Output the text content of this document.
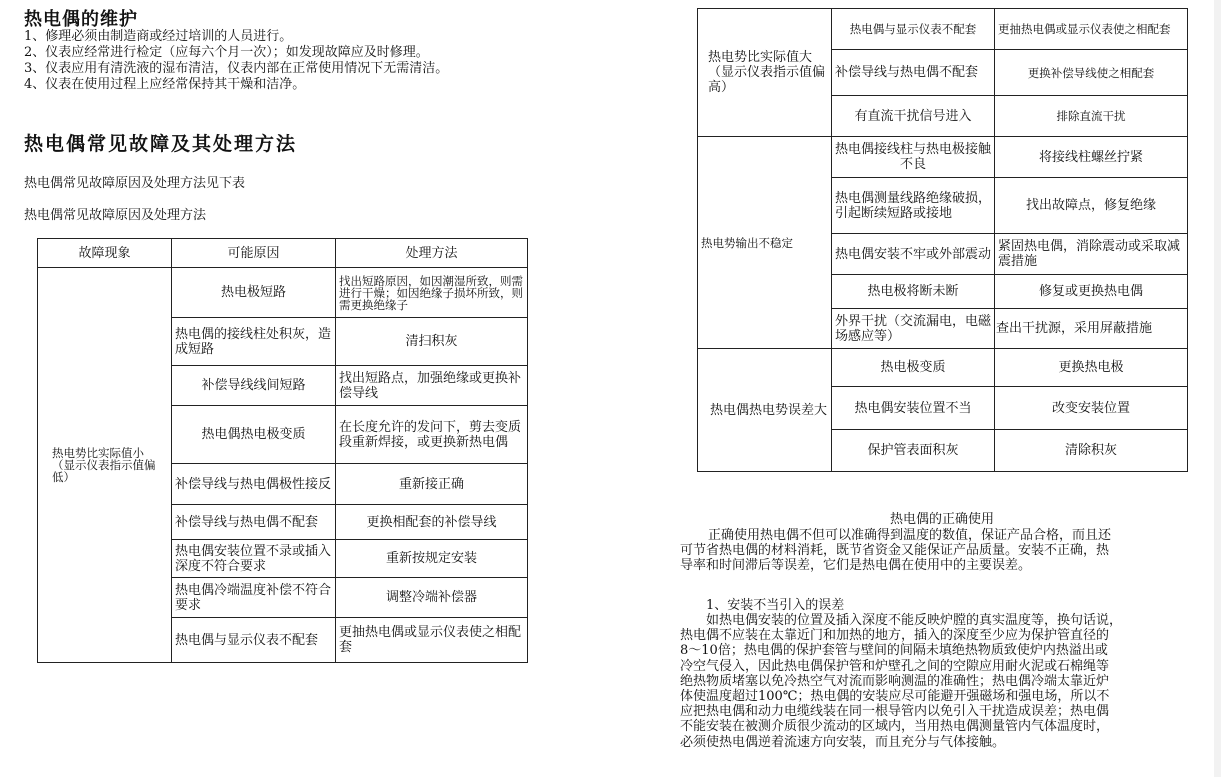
热电偶的维护
1、修理必须由制造商或经过培训的人员进行。
2、仪表应经常进行检定（应每六个月一次）；如发现故障应及时修理。
3、仪表应用有清洗液的湿布清洁，仪表内部在正常使用情况下无需清洁。
4、仪表在使用过程上应经常保持其干燥和洁净。
热电偶常见故障及其处理方法
热电偶常见故障原因及处理方法见下表
热电偶常见故障原因及处理方法
故障现象	可能原因	处理方法
热电势比实际值小（显示仪表指示值偏低）	热电极短路	找出短路原因，如因潮湿所致，则需进行干燥；如因绝缘子损坏所致，则需更换绝缘子
	热电偶的接线柱处积灰，造成短路	清扫积灰
	补偿导线线间短路	找出短路点，加强绝缘或更换补偿导线
	热电偶热电极变质	在长度允许的发问下，剪去变质段重新焊接，或更换新热电偶
	补偿导线与热电偶极性接反	重新接正确
	补偿导线与热电偶不配套	更换相配套的补偿导线
	热电偶安装位置不录或插入深度不符合要求	重新按规定安装
	热电偶冷端温度补偿不符合要求	调整冷端补偿器
	热电偶与显示仪表不配套	更抽热电偶或显示仪表使之相配套
热电势比实际值大（显示仪表指示值偏高）	热电偶与显示仪表不配套	更抽热电偶或显示仪表使之相配套
	补偿导线与热电偶不配套	更换补偿导线使之相配套
	有直流干扰信号进入	排除直流干扰
热电势输出不稳定	热电偶接线柱与热电极接触不良	将接线柱螺丝拧紧
	热电偶测量线路绝缘破损，引起断续短路或接地	找出故障点，修复绝缘
	热电偶安装不牢或外部震动	紧固热电偶，消除震动或采取减震措施
	热电极将断未断	修复或更换热电偶
	外界干扰（交流漏电，电磁场感应等）	查出干扰源，采用屏蔽措施
热电偶热电势误差大	热电极变质	更换热电极
	热电偶安装位置不当	改变安装位置
	保护管表面积灰	清除积灰
热电偶的正确使用
正确使用热电偶不但可以准确得到温度的数值，保证产品合格，而且还
可节省热电偶的材料消耗，既节省资金又能保证产品质量。安装不正确，热
导率和时间滞后等误差，它们是热电偶在使用中的主要误差。
1、安装不当引入的误差
如热电偶安装的位置及插入深度不能反映炉膛的真实温度等，换句话说，
热电偶不应装在太靠近门和加热的地方，插入的深度至少应为保护管直径的
8～10倍；热电偶的保护套管与壁间的间隔未填绝热物质致使炉内热溢出或
冷空气侵入，因此热电偶保护管和炉壁孔之间的空隙应用耐火泥或石棉绳等
绝热物质堵塞以免冷热空气对流而影响测温的准确性；热电偶冷端太靠近炉
体使温度超过100℃；热电偶的安装应尽可能避开强磁场和强电场，所以不
应把热电偶和动力电缆线装在同一根导管内以免引入干扰造成误差；热电偶
不能安装在被测介质很少流动的区域内，当用热电偶测量管内气体温度时，
必须使热电偶逆着流速方向安装，而且充分与气体接触。
